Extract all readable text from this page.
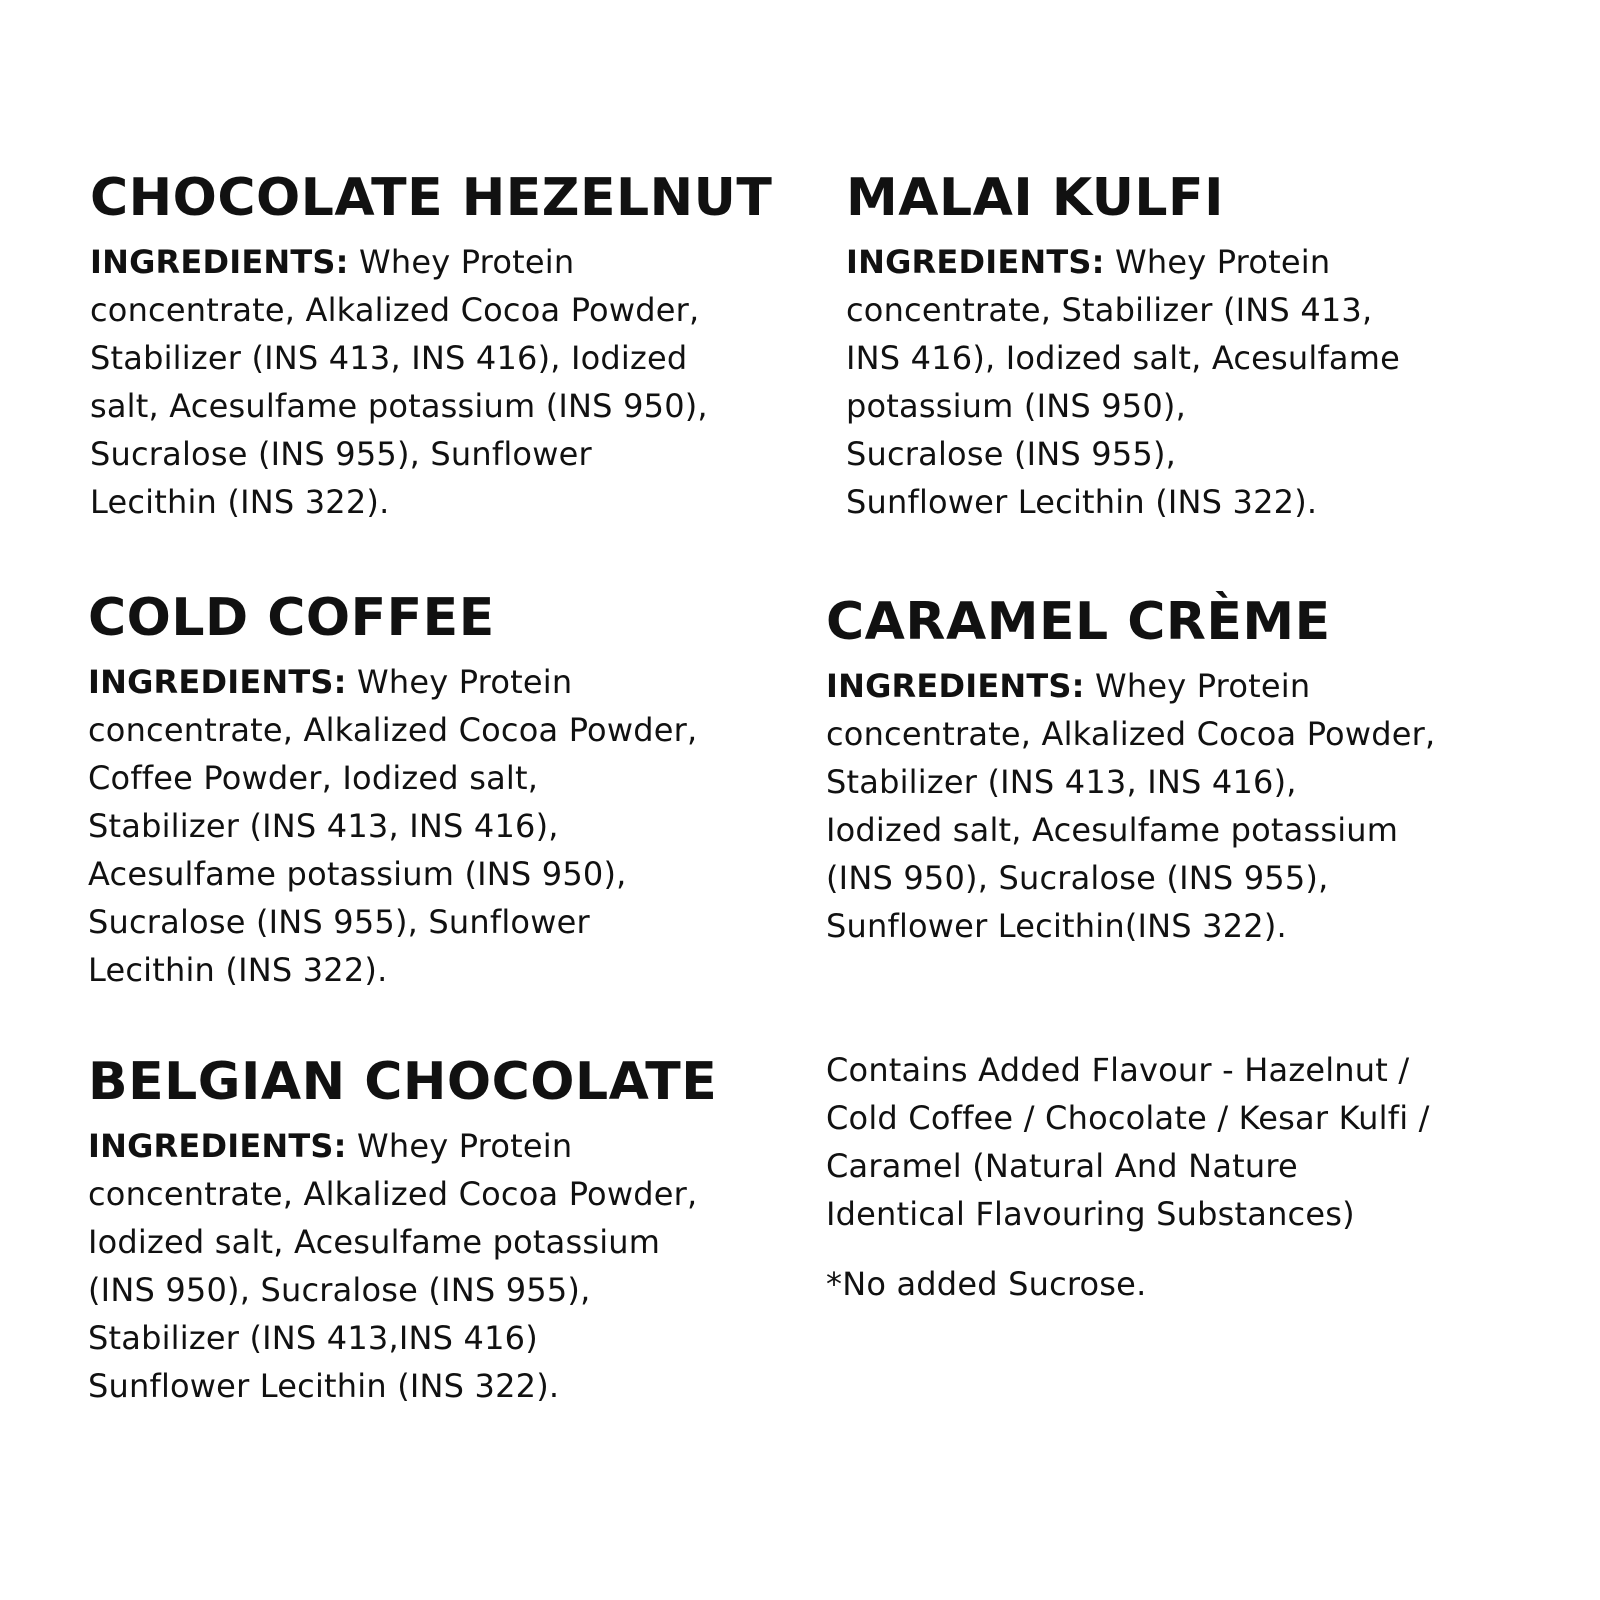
CHOCOLATE HEZELNUT

INGREDIENTS: Whey Protein
concentrate, Alkalized Cocoa Powder,
Stabilizer (INS 413, INS 416), Iodized
salt, Acesulfame potassium (INS 950),
Sucralose (INS 955), Sunflower
Lecithin (INS 322).

MALAI KULFI

INGREDIENTS: Whey Protein
concentrate, Stabilizer (INS 413,
INS 416), Iodized salt, Acesulfame
potassium (INS 950),
Sucralose (INS 955),
Sunflower Lecithin (INS 322).

COLD COFFEE

INGREDIENTS: Whey Protein
concentrate, Alkalized Cocoa Powder,
Coffee Powder, Iodized salt,
Stabilizer (INS 413, INS 416),
Acesulfame potassium (INS 950),
Sucralose (INS 955), Sunflower
Lecithin (INS 322).

CARAMEL CRÈME

INGREDIENTS: Whey Protein
concentrate, Alkalized Cocoa Powder,
Stabilizer (INS 413, INS 416),
Iodized salt, Acesulfame potassium
(INS 950), Sucralose (INS 955),
Sunflower Lecithin(INS 322).

BELGIAN CHOCOLATE

INGREDIENTS: Whey Protein
concentrate, Alkalized Cocoa Powder,
Iodized salt, Acesulfame potassium
(INS 950), Sucralose (INS 955),
Stabilizer (INS 413,INS 416)
Sunflower Lecithin (INS 322).

Contains Added Flavour - Hazelnut /
Cold Coffee / Chocolate / Kesar Kulfi /
Caramel (Natural And Nature
Identical Flavouring Substances)

*No added Sucrose.
